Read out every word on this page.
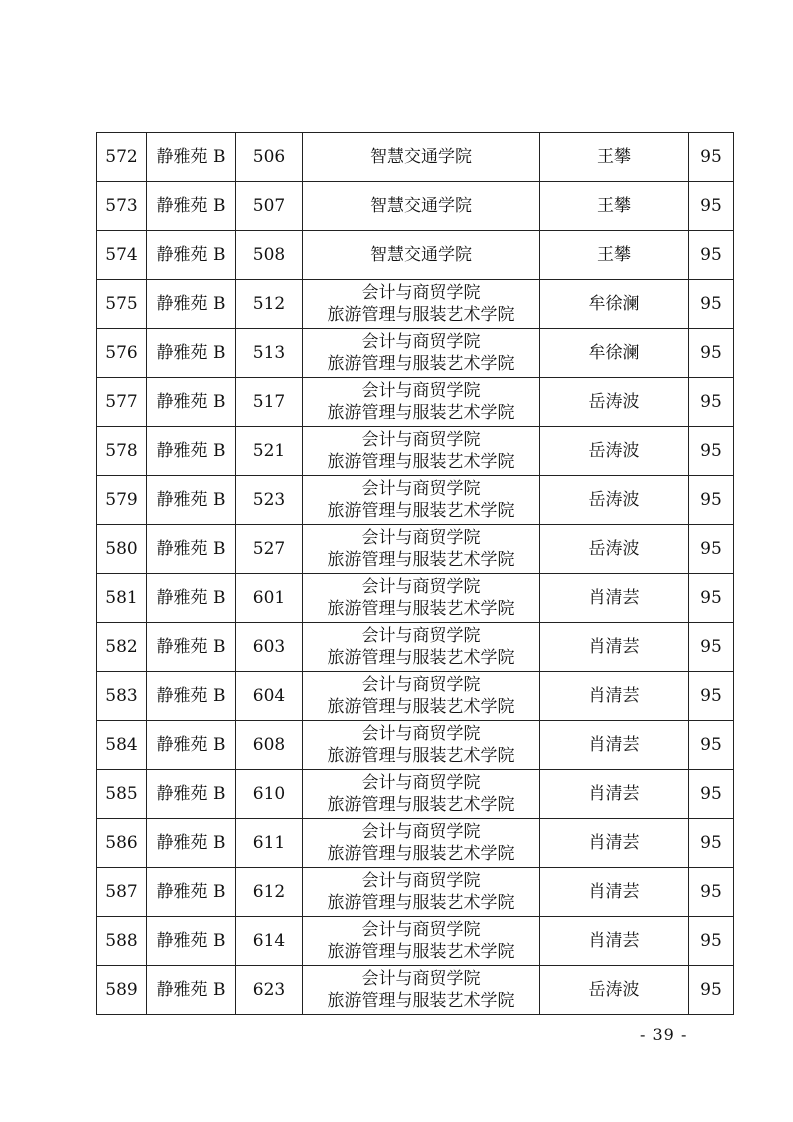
572	静雅苑 B	506	智慧交通学院	王攀	95
573	静雅苑 B	507	智慧交通学院	王攀	95
574	静雅苑 B	508	智慧交通学院	王攀	95
575	静雅苑 B	512	会计与商贸学院
旅游管理与服装艺术学院	牟徐澜	95
576	静雅苑 B	513	会计与商贸学院
旅游管理与服装艺术学院	牟徐澜	95
577	静雅苑 B	517	会计与商贸学院
旅游管理与服装艺术学院	岳涛波	95
578	静雅苑 B	521	会计与商贸学院
旅游管理与服装艺术学院	岳涛波	95
579	静雅苑 B	523	会计与商贸学院
旅游管理与服装艺术学院	岳涛波	95
580	静雅苑 B	527	会计与商贸学院
旅游管理与服装艺术学院	岳涛波	95
581	静雅苑 B	601	会计与商贸学院
旅游管理与服装艺术学院	肖清芸	95
582	静雅苑 B	603	会计与商贸学院
旅游管理与服装艺术学院	肖清芸	95
583	静雅苑 B	604	会计与商贸学院
旅游管理与服装艺术学院	肖清芸	95
584	静雅苑 B	608	会计与商贸学院
旅游管理与服装艺术学院	肖清芸	95
585	静雅苑 B	610	会计与商贸学院
旅游管理与服装艺术学院	肖清芸	95
586	静雅苑 B	611	会计与商贸学院
旅游管理与服装艺术学院	肖清芸	95
587	静雅苑 B	612	会计与商贸学院
旅游管理与服装艺术学院	肖清芸	95
588	静雅苑 B	614	会计与商贸学院
旅游管理与服装艺术学院	肖清芸	95
589	静雅苑 B	623	会计与商贸学院
旅游管理与服装艺术学院	岳涛波	95
- 39 -
